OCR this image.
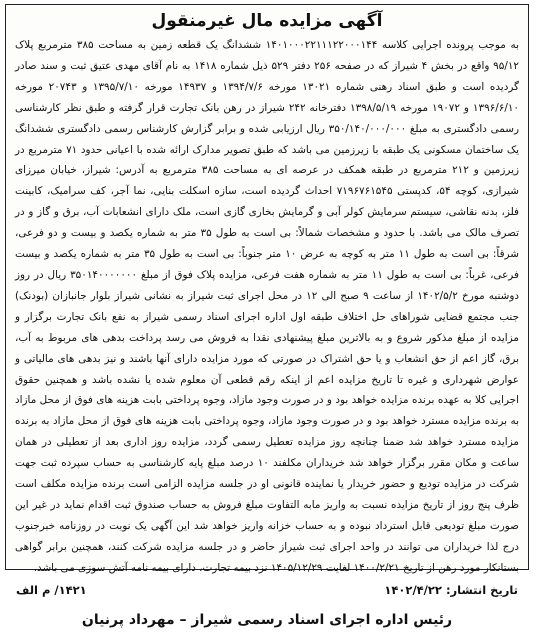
آگهی مزایده مال غیرمنقول
به موجب پرونده اجرایی کلاسه ۱۴۰۱۰۰۰۲۲۱۱۱۲۲۰۰۰۱۴۴ ششدانگ یک قطعه زمین به مساحت ۳۸۵ مترمربع پلاک ۹۵/۱۲ واقع در بخش ۴ شیراز که در صفحه ۲۵۶ دفتر ۵۲۹ ذیل شماره ۱۴۱۸ به نام آقای مهدی عتیق ثبت و سند صادر گردیده است و طبق اسناد رهنی شماره ۱۳۰۲۱ مورخه ۱۳۹۴/۷/۶ و ۱۴۹۳۷ مورخه ۱۳۹۵/۷/۱۰ و ۲۰۷۴۳ مورخه ۱۳۹۶/۶/۱۰ و ۱۹۰۷۲ مورخه ۱۳۹۸/۵/۱۹ دفترخانه ۲۴۲ شیراز در رهن بانک تجارت قرار گرفته و طبق نظر کارشناسی رسمی دادگستری به مبلغ ۳۵۰/۱۴۰/۰۰۰/۰۰۰ ریال ارزیابی شده و برابر گزارش کارشناس رسمی دادگستری ششدانگ یک ساختمان مسکونی یک طبقه با زیرزمین می باشد که طبق تصویر مدارک ارائه شده با اعیانی حدود ۷۱ مترمربع در زیرزمین و ۲۱۲ مترمربع در طبقه همکف در عرصه ای به مساحت ۳۸۵ مترمربع به آدرس: شیراز، خیابان میرزای شیرازی، کوچه ۵۴، کدپستی ۷۱۹۶۷۶۱۵۴۵ احداث گردیده است، سازه اسکلت بنایی، نما آجر، کف سرامیک، کابینت فلز، بدنه نقاشی، سیستم سرمایش کولر آبی و گرمایش بخاری گازی است، ملک دارای انشعابات آب، برق و گاز و در تصرف مالک می باشد. با حدود و مشخصات شمالاً: بی است به طول ۳۵ متر به شماره یکصد و بیست و دو فرعی، شرقاً: بی است به طول ۱۱ متر به کوچه به عرض ۱۰ متر جنوباً: بی است به طول ۳۵ متر به شماره یکصد و بیست فرعی، غرباً: بی است به طول ۱۱ متر به شماره هفت فرعی، مزایده پلاک فوق از مبلغ ۳۵۰۱۴۰۰۰۰۰۰۰ ریال در روز دوشنبه مورخ ۱۴۰۲/۵/۲ از ساعت ۹ صبح الی ۱۲ در محل اجرای ثبت شیراز به نشانی شیراز بلوار جانبازان (بودنک) جنب مجتمع قضایی شوراهای حل اختلاف طبقه اول اداره اجرای اسناد رسمی شیراز به نفع بانک تجارت برگزار و مزایده از مبلغ مذکور شروع و به بالاترین مبلغ پیشنهادی نقدا به فروش می رسد پرداخت بدهی های مربوط به آب، برق، گاز اعم از حق انشعاب و یا حق اشتراک در صورتی که مورد مزایده دارای آنها باشند و نیز بدهی های مالیاتی و عوارض شهرداری و غیره تا تاریخ مزایده اعم از اینکه رقم قطعی آن معلوم شده یا نشده باشد و همچنین حقوق اجرایی کلا به عهده برنده مزایده خواهد بود و در صورت وجود مازاد، وجوه پرداختی بابت هزینه های فوق از محل مازاد به برنده مزایده مسترد خواهد بود و در صورت وجود مازاد، وجوه پرداختی بابت هزینه های فوق از محل مازاد به برنده مزایده مسترد خواهد شد ضمنا چنانچه روز مزایده تعطیل رسمی گردد، مزایده روز اداری بعد از تعطیلی در همان ساعت و مکان مقرر برگزار خواهد شد خریداران مکلفند ۱۰ درصد مبلغ پایه کارشناسی به حساب سپرده ثبت جهت شرکت در مزایده تودیع و حضور خریدار یا نماینده قانونی او در جلسه مزایده الزامی است برنده مزایده مکلف است ظرف پنج روز از تاریخ مزایده نسبت به واریز مابه التفاوت مبلغ فروش به حساب صندوق ثبت اقدام نماید در غیر این صورت مبلغ تودیعی قابل استرداد نبوده و به حساب خزانه واریز خواهد شد این آگهی یک نوبت در روزنامه خبرجنوب درج لذا خریداران می توانند در واحد اجرای ثبت شیراز حاضر و در جلسه مزایده شرکت کنند، همچنین برابر گواهی بستانکار مورد رهن از تاریخ ۱۴۰۰/۲/۲۱ لغایت ۱۴۰۵/۱۲/۲۹ نزد بیمه تجارت، دارای بیمه نامه آتش سوزی می باشد.
تاریخ انتشار: ۱۴۰۲/۴/۲۲
۱۴۲۱/ م الف
رئیس اداره اجرای اسناد رسمی شیراز – مهرداد پرنیان
